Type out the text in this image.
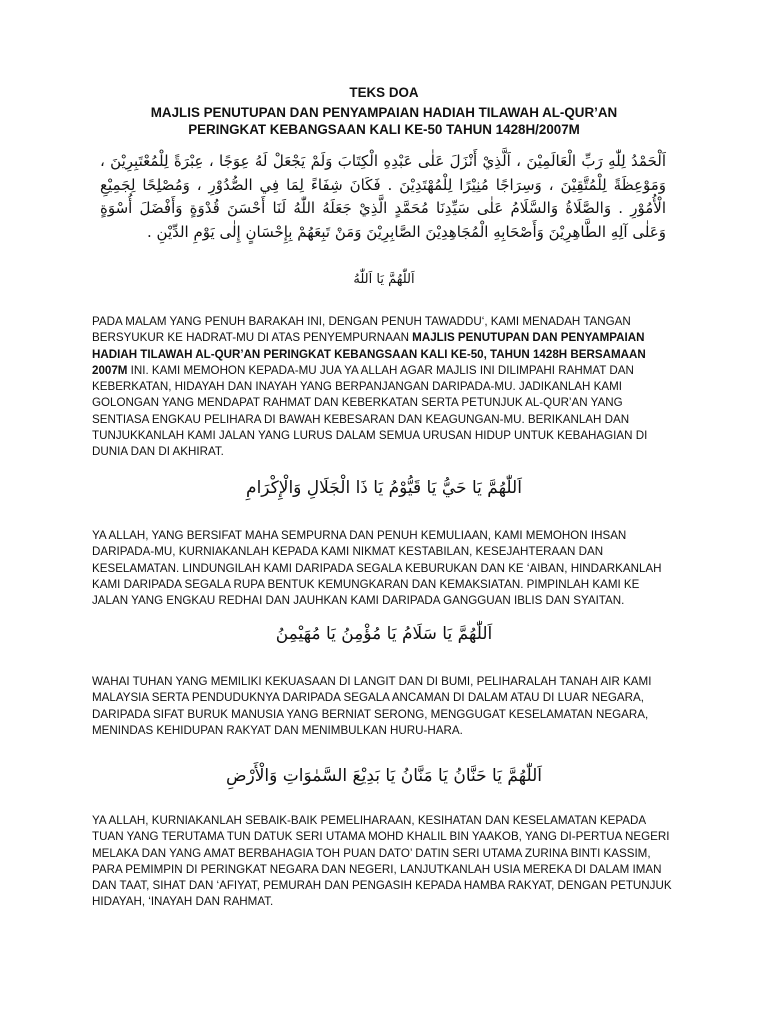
TEKS DOA
MAJLIS PENUTUPAN DAN PENYAMPAIAN HADIAH TILAWAH AL-QUR’AN
PERINGKAT KEBANGSAAN KALI KE-50 TAHUN 1428H/2007M
اَلْحَمْدُ لِلّٰهِ رَبِّ الْعَالَمِيْنَ ، اَلَّذِيْ أَنْزَلَ عَلٰى عَبْدِهِ الْكِتَابَ وَلَمْ يَجْعَلْ لَهُ عِوَجًا ، عِبْرَةً لِلْمُعْتَبِرِيْنَ ، وَمَوْعِظَةً لِلْمُتَّقِيْنَ ، وَسِرَاجًا مُنِيْرًا لِلْمُهْتَدِيْنَ . فَكَانَ شِفَاءً لِمَا فِي الصُّدُوْرِ ، وَمُصْلِحًا لِجَمِيْعِ الْأُمُوْرِ . وَالصَّلَاةُ وَالسَّلَامُ عَلٰى سَيِّدِنَا مُحَمَّدٍ الَّذِيْ جَعَلَهُ اللّٰهُ لَنَا أَحْسَنَ قُدْوَةٍ وَأَفْضَلَ أُسْوَةٍ وَعَلٰى آلِهِ الطَّاهِرِيْنَ وَأَصْحَابِهِ الْمُجَاهِدِيْنَ الصَّابِرِيْنَ وَمَنْ تَبِعَهُمْ بِإِحْسَانٍ إِلٰى يَوْمِ الدِّيْنِ .
اَللّٰهُمَّ يَا اَللّٰهُ

PADA MALAM YANG PENUH BARAKAH INI, DENGAN PENUH TAWADDU‘, KAMI MENADAH TANGAN BERSYUKUR KE HADRAT-MU DI ATAS PENYEMPURNAAN MAJLIS PENUTUPAN DAN PENYAMPAIAN HADIAH TILAWAH AL-QUR’AN PERINGKAT KEBANGSAAN KALI KE-50, TAHUN 1428H BERSAMAAN 2007M INI. KAMI MEMOHON KEPADA-MU JUA YA ALLAH AGAR MAJLIS INI DILIMPAHI RAHMAT DAN KEBERKATAN, HIDAYAH DAN INAYAH YANG BERPANJANGAN DARIPADA-MU. JADIKANLAH KAMI GOLONGAN YANG MENDAPAT RAHMAT DAN KEBERKATAN SERTA PETUNJUK AL-QUR’AN YANG SENTIASA ENGKAU PELIHARA DI BAWAH KEBESARAN DAN KEAGUNGAN-MU. BERIKANLAH DAN TUNJUKKANLAH KAMI JALAN YANG LURUS DALAM SEMUA URUSAN HIDUP UNTUK KEBAHAGIAN DI DUNIA DAN DI AKHIRAT.

اَللّٰهُمَّ يَا حَيُّ يَا قَيُّوْمُ يَا ذَا الْجَلَالِ وَالْإِكْرَامِ

YA ALLAH, YANG BERSIFAT MAHA SEMPURNA DAN PENUH KEMULIAAN, KAMI MEMOHON IHSAN DARIPADA-MU, KURNIAKANLAH KEPADA KAMI NIKMAT KESTABILAN, KESEJAHTERAAN DAN KESELAMATAN. LINDUNGILAH KAMI DARIPADA SEGALA KEBURUKAN DAN KE ‘AIBAN, HINDARKANLAH KAMI DARIPADA SEGALA RUPA BENTUK KEMUNGKARAN DAN KEMAKSIATAN. PIMPINLAH KAMI KE JALAN YANG ENGKAU REDHAI DAN JAUHKAN KAMI DARIPADA GANGGUAN IBLIS DAN SYAITAN.

اَللّٰهُمَّ يَا سَلَامُ يَا مُؤْمِنُ يَا مُهَيْمِنُ

WAHAI TUHAN YANG MEMILIKI KEKUASAAN DI LANGIT DAN DI BUMI, PELIHARALAH TANAH AIR KAMI MALAYSIA SERTA PENDUDUKNYA DARIPADA SEGALA ANCAMAN DI DALAM ATAU DI LUAR NEGARA, DARIPADA SIFAT BURUK MANUSIA YANG BERNIAT SERONG, MENGGUGAT KESELAMATAN NEGARA, MENINDAS KEHIDUPAN RAKYAT DAN MENIMBULKAN HURU-HARA.

اَللّٰهُمَّ يَا حَنَّانُ يَا مَنَّانُ يَا بَدِيْعَ السَّمٰوَاتِ وَالْأَرْضِ

YA ALLAH, KURNIAKANLAH SEBAIK-BAIK PEMELIHARAAN, KESIHATAN DAN KESELAMATAN KEPADA TUAN YANG TERUTAMA TUN DATUK SERI UTAMA MOHD KHALIL BIN YAAKOB, YANG DI-PERTUA NEGERI MELAKA DAN YANG AMAT BERBAHAGIA TOH PUAN DATO’ DATIN SERI UTAMA ZURINA BINTI KASSIM, PARA PEMIMPIN DI PERINGKAT NEGARA DAN NEGERI, LANJUTKANLAH USIA MEREKA DI DALAM IMAN DAN TAAT, SIHAT DAN ‘AFIYAT, PEMURAH DAN PENGASIH KEPADA HAMBA RAKYAT, DENGAN PETUNJUK HIDAYAH, ‘INAYAH DAN RAHMAT.
